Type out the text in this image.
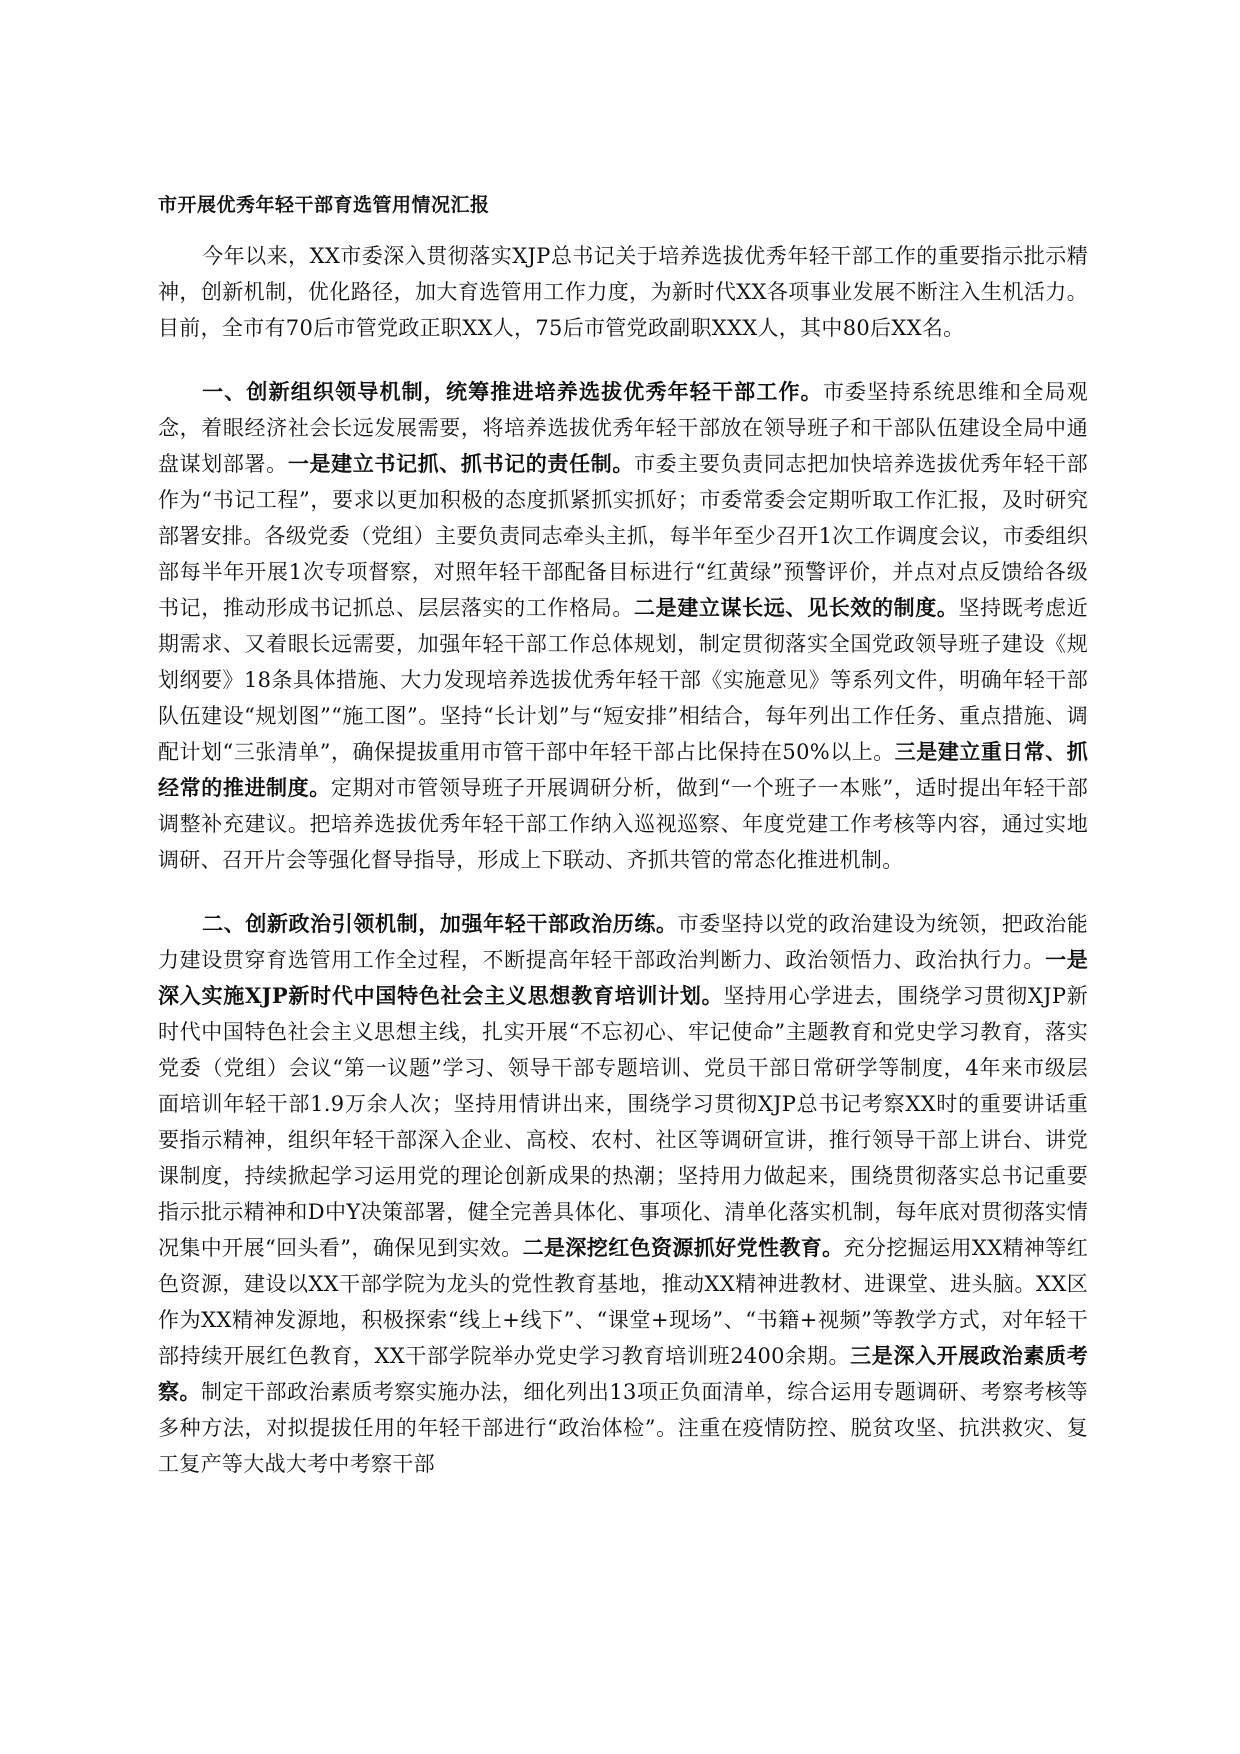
市开展优秀年轻干部育选管用情况汇报

今年以来，XX市委深入贯彻落实XJP总书记关于培养选拔优秀年轻干部工作的重要指示批示精神，创新机制，优化路径，加大育选管用工作力度，为新时代XX各项事业发展不断注入生机活力。目前，全市有70后市管党政正职XX人，75后市管党政副职XXX人，其中80后XX名。

一、创新组织领导机制，统筹推进培养选拔优秀年轻干部工作。市委坚持系统思维和全局观念，着眼经济社会长远发展需要，将培养选拔优秀年轻干部放在领导班子和干部队伍建设全局中通盘谋划部署。一是建立书记抓、抓书记的责任制。市委主要负责同志把加快培养选拔优秀年轻干部作为“书记工程”，要求以更加积极的态度抓紧抓实抓好；市委常委会定期听取工作汇报，及时研究部署安排。各级党委（党组）主要负责同志牵头主抓，每半年至少召开1次工作调度会议，市委组织部每半年开展1次专项督察，对照年轻干部配备目标进行“红黄绿”预警评价，并点对点反馈给各级书记，推动形成书记抓总、层层落实的工作格局。二是建立谋长远、见长效的制度。坚持既考虑近期需求、又着眼长远需要，加强年轻干部工作总体规划，制定贯彻落实全国党政领导班子建设《规划纲要》18条具体措施、大力发现培养选拔优秀年轻干部《实施意见》等系列文件，明确年轻干部队伍建设“规划图”“施工图”。坚持“长计划”与“短安排”相结合，每年列出工作任务、重点措施、调配计划“三张清单”，确保提拔重用市管干部中年轻干部占比保持在50%以上。三是建立重日常、抓经常的推进制度。定期对市管领导班子开展调研分析，做到“一个班子一本账”，适时提出年轻干部调整补充建议。把培养选拔优秀年轻干部工作纳入巡视巡察、年度党建工作考核等内容，通过实地调研、召开片会等强化督导指导，形成上下联动、齐抓共管的常态化推进机制。

二、创新政治引领机制，加强年轻干部政治历练。市委坚持以党的政治建设为统领，把政治能力建设贯穿育选管用工作全过程，不断提高年轻干部政治判断力、政治领悟力、政治执行力。一是深入实施XJP新时代中国特色社会主义思想教育培训计划。坚持用心学进去，围绕学习贯彻XJP新时代中国特色社会主义思想主线，扎实开展“不忘初心、牢记使命”主题教育和党史学习教育，落实党委（党组）会议“第一议题”学习、领导干部专题培训、党员干部日常研学等制度，4年来市级层面培训年轻干部1.9万余人次；坚持用情讲出来，围绕学习贯彻XJP总书记考察XX时的重要讲话重要指示精神，组织年轻干部深入企业、高校、农村、社区等调研宣讲，推行领导干部上讲台、讲党课制度，持续掀起学习运用党的理论创新成果的热潮；坚持用力做起来，围绕贯彻落实总书记重要指示批示精神和D中Y决策部署，健全完善具体化、事项化、清单化落实机制，每年底对贯彻落实情况集中开展“回头看”，确保见到实效。二是深挖红色资源抓好党性教育。充分挖掘运用XX精神等红色资源，建设以XX干部学院为龙头的党性教育基地，推动XX精神进教材、进课堂、进头脑。XX区作为XX精神发源地，积极探索“线上+线下”、“课堂+现场”、“书籍+视频”等教学方式，对年轻干部持续开展红色教育，XX干部学院举办党史学习教育培训班2400余期。三是深入开展政治素质考察。制定干部政治素质考察实施办法，细化列出13项正负面清单，综合运用专题调研、考察考核等多种方法，对拟提拔任用的年轻干部进行“政治体检”。注重在疫情防控、脱贫攻坚、抗洪救灾、复工复产等大战大考中考察干部
